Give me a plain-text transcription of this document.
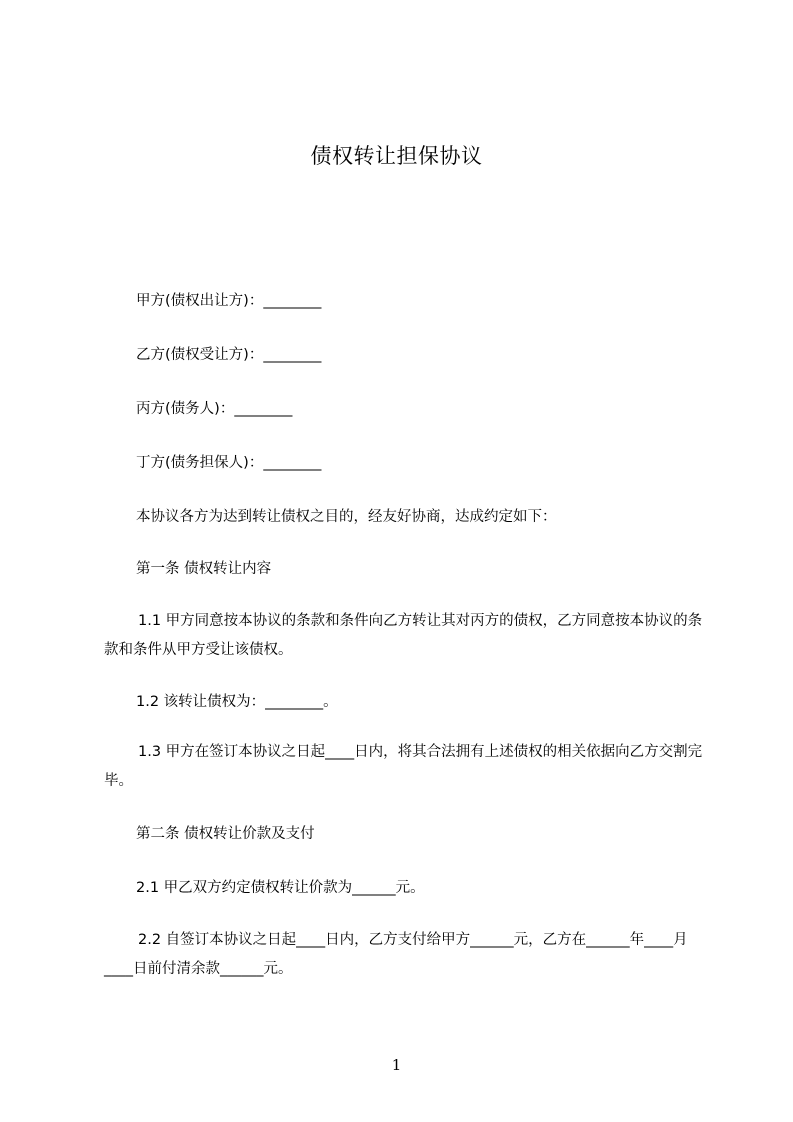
债权转让担保协议
甲方(债权出让方)：________
乙方(债权受让方)：________
丙方(债务人)：________
丁方(债务担保人)：________
本协议各方为达到转让债权之目的，经友好协商，达成约定如下：
第一条 债权转让内容
1.1 甲方同意按本协议的条款和条件向乙方转让其对丙方的债权，乙方同意按本协议的条款和条件从甲方受让该债权。
1.2 该转让债权为：________。
1.3 甲方在签订本协议之日起____日内，将其合法拥有上述债权的相关依据向乙方交割完毕。
第二条 债权转让价款及支付
2.1 甲乙双方约定债权转让价款为______元。
2.2 自签订本协议之日起____日内，乙方支付给甲方______元，乙方在______年____月____日前付清余款______元。
1
